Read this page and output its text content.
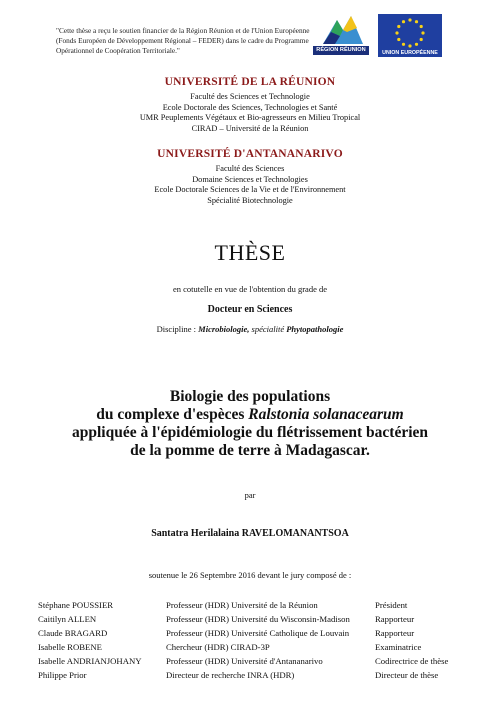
"Cette thèse a reçu le soutien financier de la Région Réunion et de l'Union Européenne (Fonds Européen de Développement Régional – FEDER) dans le cadre du Programme Opérationnel de Coopération Territoriale."	RÉGION RÉUNION	UNION EUROPÉENNE
UNIVERSITÉ DE LA RÉUNION
Faculté des Sciences et Technologie
Ecole Doctorale des Sciences, Technologies et Santé
UMR Peuplements Végétaux et Bio-agresseurs en Milieu Tropical
CIRAD – Université de la Réunion
UNIVERSITÉ D'ANTANANARIVO
Faculté des Sciences
Domaine Sciences et Technologies
Ecole Doctorale Sciences de la Vie et de l'Environnement
Spécialité Biotechnologie
THÈSE
en cotutelle en vue de l'obtention du grade de
Docteur en Sciences
Discipline : Microbiologie, spécialité Phytopathologie
Biologie des populations
du complexe d'espèces Ralstonia solanacearum
appliquée à l'épidémiologie du flétrissement bactérien
de la pomme de terre à Madagascar.
par
Santatra Herilalaina RAVELOMANANTSOA
soutenue le 26 Septembre 2016 devant le jury composé de :
Stéphane POUSSIER	Professeur (HDR) Université de la Réunion	Président
Caitilyn ALLEN	Professeur (HDR) Université du Wisconsin-Madison	Rapporteur
Claude BRAGARD	Professeur (HDR) Université Catholique de Louvain	Rapporteur
Isabelle ROBENE	Chercheur (HDR) CIRAD-3P	Examinatrice
Isabelle ANDRIANJOHANY	Professeur (HDR) Université d'Antananarivo	Codirectrice de thèse
Philippe Prior	Directeur de recherche INRA (HDR)	Directeur de thèse
